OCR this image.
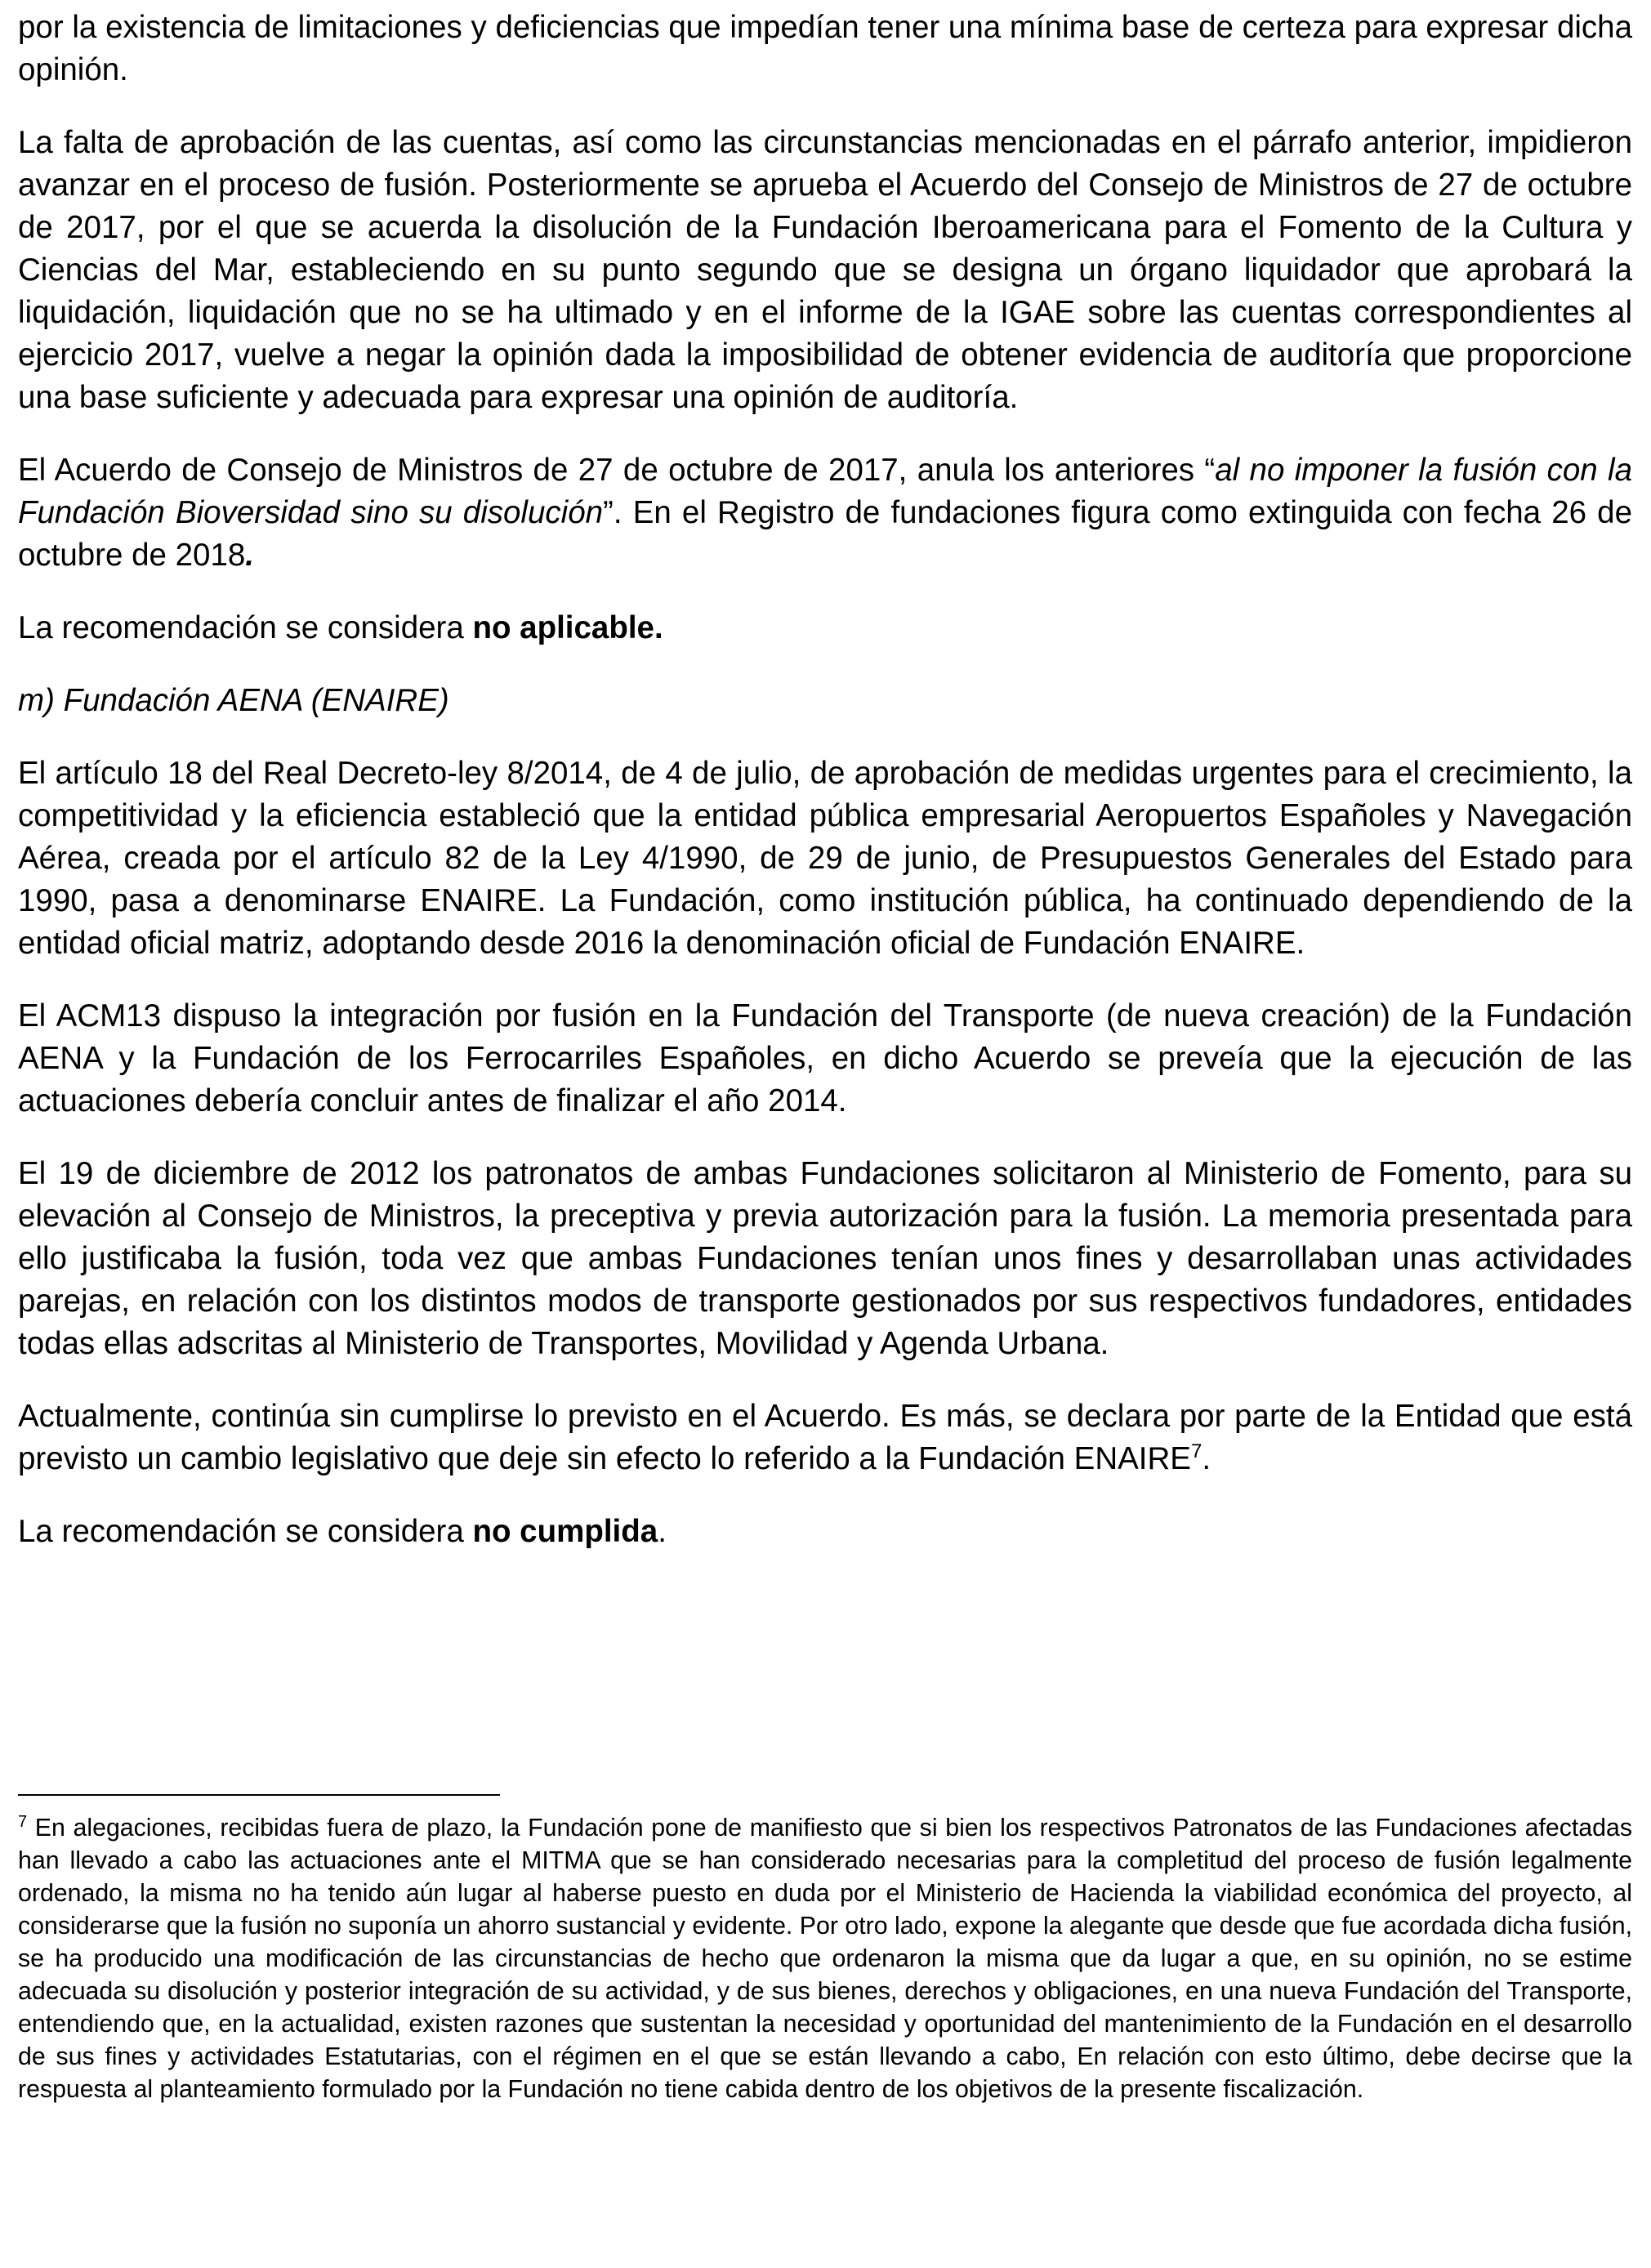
por la existencia de limitaciones y deficiencias que impedían tener una mínima base de certeza para expresar dicha opinión.

La falta de aprobación de las cuentas, así como las circunstancias mencionadas en el párrafo anterior, impidieron avanzar en el proceso de fusión. Posteriormente se aprueba el Acuerdo del Consejo de Ministros de 27 de octubre de 2017, por el que se acuerda la disolución de la Fundación Iberoamericana para el Fomento de la Cultura y Ciencias del Mar, estableciendo en su punto segundo que se designa un órgano liquidador que aprobará la liquidación, liquidación que no se ha ultimado y en el informe de la IGAE sobre las cuentas correspondientes al ejercicio 2017, vuelve a negar la opinión dada la imposibilidad de obtener evidencia de auditoría que proporcione una base suficiente y adecuada para expresar una opinión de auditoría.

El Acuerdo de Consejo de Ministros de 27 de octubre de 2017, anula los anteriores “al no imponer la fusión con la Fundación Bioversidad sino su disolución”. En el Registro de fundaciones figura como extinguida con fecha 26 de octubre de 2018.

La recomendación se considera no aplicable.

m) Fundación AENA (ENAIRE)

El artículo 18 del Real Decreto-ley 8/2014, de 4 de julio, de aprobación de medidas urgentes para el crecimiento, la competitividad y la eficiencia estableció que la entidad pública empresarial Aeropuertos Españoles y Navegación Aérea, creada por el artículo 82 de la Ley 4/1990, de 29 de junio, de Presupuestos Generales del Estado para 1990, pasa a denominarse ENAIRE. La Fundación, como institución pública, ha continuado dependiendo de la entidad oficial matriz, adoptando desde 2016 la denominación oficial de Fundación ENAIRE.

El ACM13 dispuso la integración por fusión en la Fundación del Transporte (de nueva creación) de la Fundación AENA y la Fundación de los Ferrocarriles Españoles, en dicho Acuerdo se preveía que la ejecución de las actuaciones debería concluir antes de finalizar el año 2014.

El 19 de diciembre de 2012 los patronatos de ambas Fundaciones solicitaron al Ministerio de Fomento, para su elevación al Consejo de Ministros, la preceptiva y previa autorización para la fusión. La memoria presentada para ello justificaba la fusión, toda vez que ambas Fundaciones tenían unos fines y desarrollaban unas actividades parejas, en relación con los distintos modos de transporte gestionados por sus respectivos fundadores, entidades todas ellas adscritas al Ministerio de Transportes, Movilidad y Agenda Urbana.

Actualmente, continúa sin cumplirse lo previsto en el Acuerdo. Es más, se declara por parte de la Entidad que está previsto un cambio legislativo que deje sin efecto lo referido a la Fundación ENAIRE$^7$.

La recomendación se considera no cumplida.

$^7$ En alegaciones, recibidas fuera de plazo, la Fundación pone de manifiesto que si bien los respectivos Patronatos de las Fundaciones afectadas han llevado a cabo las actuaciones ante el MITMA que se han considerado necesarias para la completitud del proceso de fusión legalmente ordenado, la misma no ha tenido aún lugar al haberse puesto en duda por el Ministerio de Hacienda la viabilidad económica del proyecto, al considerarse que la fusión no suponía un ahorro sustancial y evidente. Por otro lado, expone la alegante que desde que fue acordada dicha fusión, se ha producido una modificación de las circunstancias de hecho que ordenaron la misma que da lugar a que, en su opinión, no se estime adecuada su disolución y posterior integración de su actividad, y de sus bienes, derechos y obligaciones, en una nueva Fundación del Transporte, entendiendo que, en la actualidad, existen razones que sustentan la necesidad y oportunidad del mantenimiento de la Fundación en el desarrollo de sus fines y actividades Estatutarias, con el régimen en el que se están llevando a cabo, En relación con esto último, debe decirse que la respuesta al planteamiento formulado por la Fundación no tiene cabida dentro de los objetivos de la presente fiscalización.
